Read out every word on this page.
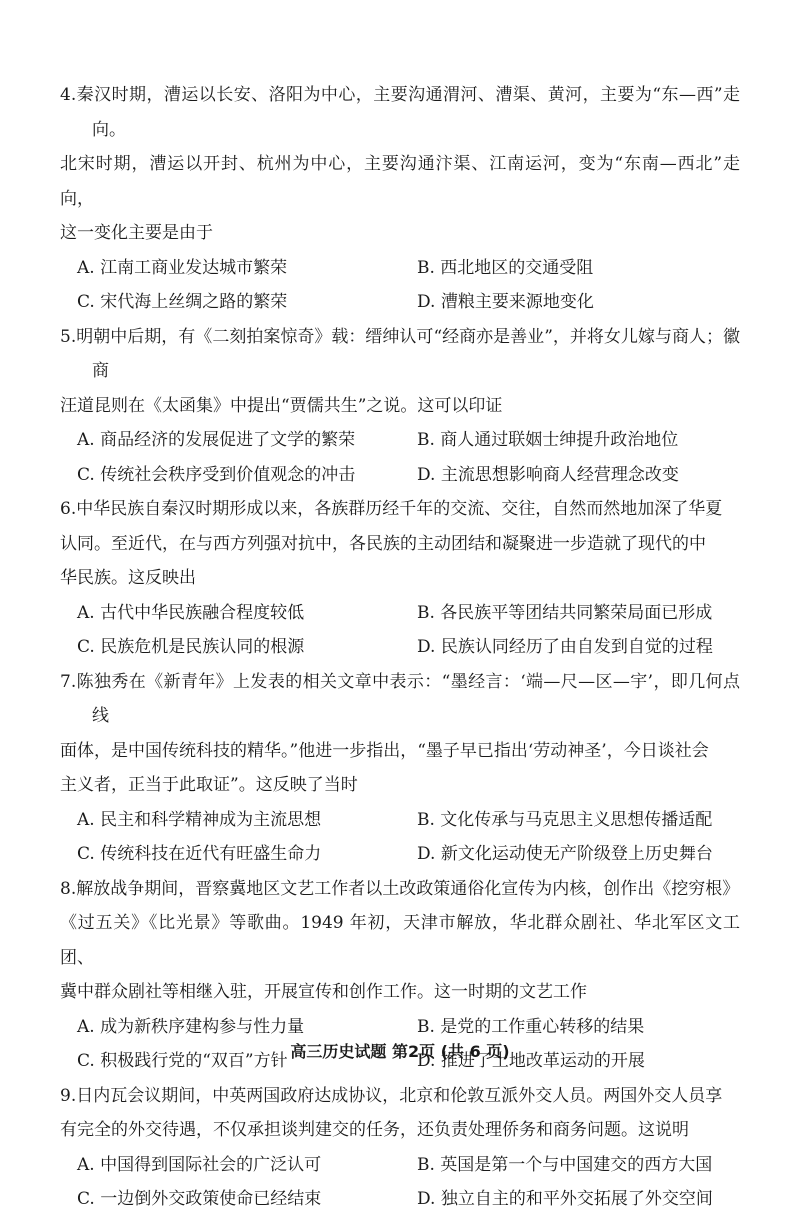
4.秦汉时期，漕运以长安、洛阳为中心，主要沟通渭河、漕渠、黄河，主要为“东—西”走向。
北宋时期，漕运以开封、杭州为中心，主要沟通汴渠、江南运河，变为“东南—西北”走向，
这一变化主要是由于
A. 江南工商业发达城市繁荣	B. 西北地区的交通受阻
C. 宋代海上丝绸之路的繁荣	D. 漕粮主要来源地变化
5.明朝中后期，有《二刻拍案惊奇》载：缙绅认可“经商亦是善业”，并将女儿嫁与商人；徽商
汪道昆则在《太函集》中提出“贾儒共生”之说。这可以印证
A. 商品经济的发展促进了文学的繁荣	B. 商人通过联姻士绅提升政治地位
C. 传统社会秩序受到价值观念的冲击	D. 主流思想影响商人经营理念改变
6.中华民族自秦汉时期形成以来，各族群历经千年的交流、交往，自然而然地加深了华夏
认同。至近代，在与西方列强对抗中，各民族的主动团结和凝聚进一步造就了现代的中
华民族。这反映出
A. 古代中华民族融合程度较低	B. 各民族平等团结共同繁荣局面已形成
C. 民族危机是民族认同的根源	D. 民族认同经历了由自发到自觉的过程
7.陈独秀在《新青年》上发表的相关文章中表示：“墨经言：‘端—尺—区—宇’，即几何点线
面体，是中国传统科技的精华。”他进一步指出，“墨子早已指出‘劳动神圣’，今日谈社会
主义者，正当于此取证”。这反映了当时
A. 民主和科学精神成为主流思想	B. 文化传承与马克思主义思想传播适配
C. 传统科技在近代有旺盛生命力	D. 新文化运动使无产阶级登上历史舞台
8.解放战争期间，晋察冀地区文艺工作者以土改政策通俗化宣传为内核，创作出《挖穷根》
《过五关》《比光景》等歌曲。1949 年初，天津市解放，华北群众剧社、华北军区文工团、
冀中群众剧社等相继入驻，开展宣传和创作工作。这一时期的文艺工作
A. 成为新秩序建构参与性力量	B. 是党的工作重心转移的结果
C. 积极践行党的“双百”方针	D. 推进了土地改革运动的开展
9.日内瓦会议期间，中英两国政府达成协议，北京和伦敦互派外交人员。两国外交人员享
有完全的外交待遇，不仅承担谈判建交的任务，还负责处理侨务和商务问题。这说明
A. 中国得到国际社会的广泛认可	B. 英国是第一个与中国建交的西方大国
C. 一边倒外交政策使命已经结束	D. 独立自主的和平外交拓展了外交空间
高三历史试题 第2页 (共 6 页)
